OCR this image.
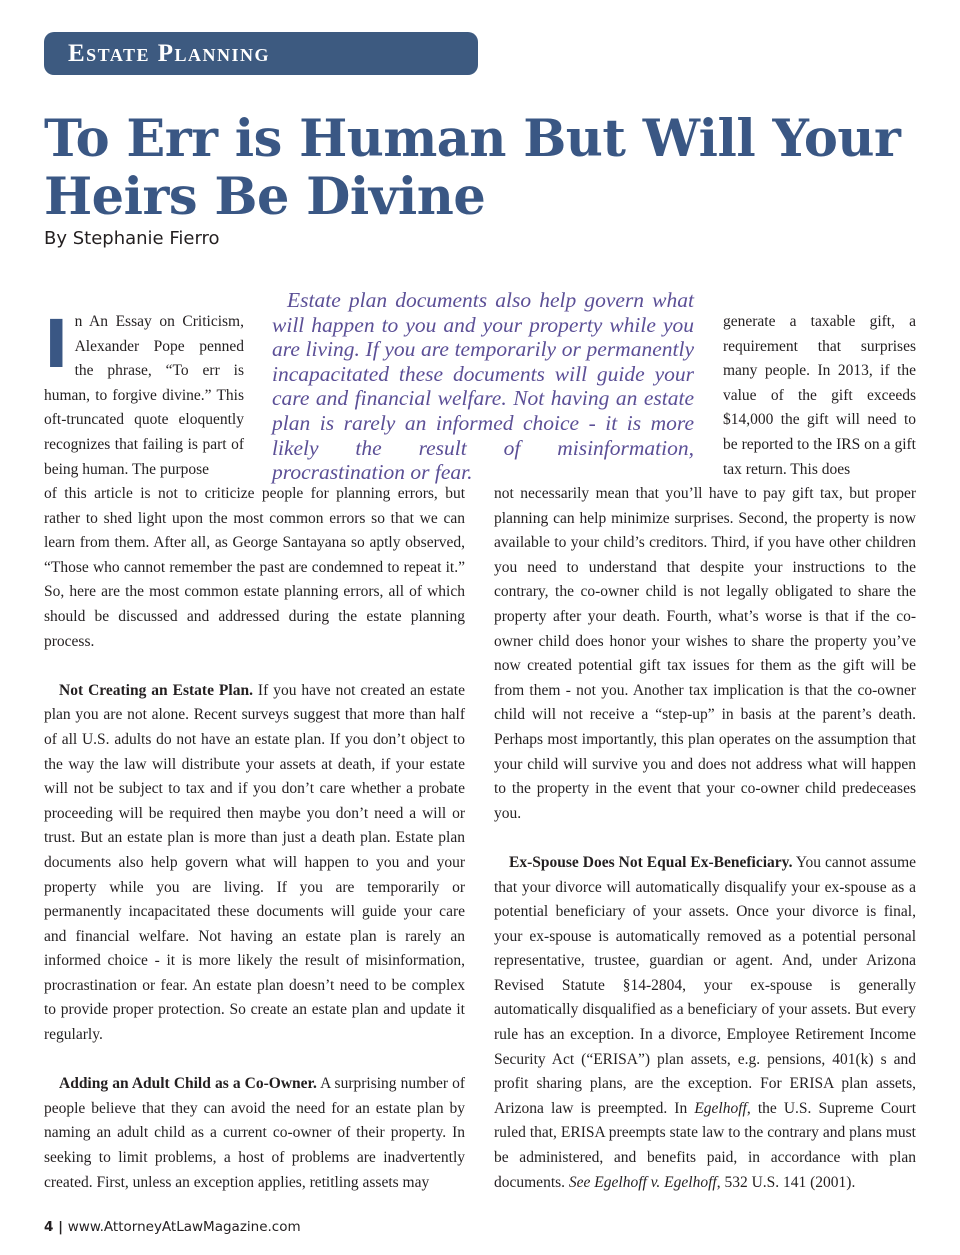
Estate Planning
To Err is Human But Will Your Heirs Be Divine
By Stephanie Fierro
I n An Essay on Criticism, Alexander Pope penned the phrase, “To err is human, to forgive divine.” This oft-truncated quote eloquently recognizes that failing is part of being human. The purpose
Estate plan documents also help govern what will happen to you and your property while you are living. If you are temporarily or permanently incapacitated these documents will guide your care and financial welfare. Not having an estate plan is rarely an informed choice - it is more likely the result of misinformation, procrastination or fear.

generate a taxable gift, a requirement that surprises many people. In 2013, if the value of the gift exceeds $14,000 the gift will need to be reported to the IRS on a gift tax return. This does

of this article is not to criticize people for planning errors, but rather to shed light upon the most common errors so that we can learn from them. After all, as George Santayana so aptly observed, “Those who cannot remember the past are condemned to repeat it.” So, here are the most common estate planning errors, all of which should be discussed and addressed during the estate planning process.

Not Creating an Estate Plan. If you have not created an estate plan you are not alone. Recent surveys suggest that more than half of all U.S. adults do not have an estate plan. If you don’t object to the way the law will distribute your assets at death, if your estate will not be subject to tax and if you don’t care whether a probate proceeding will be required then maybe you don’t need a will or trust. But an estate plan is more than just a death plan. Estate plan documents also help govern what will happen to you and your property while you are living. If you are temporarily or permanently incapacitated these documents will guide your care and financial welfare. Not having an estate plan is rarely an informed choice - it is more likely the result of misinformation, procrastination or fear. An estate plan doesn’t need to be complex to provide proper protection. So create an estate plan and update it regularly.

Adding an Adult Child as a Co-Owner. A surprising number of people believe that they can avoid the need for an estate plan by naming an adult child as a current co-owner of their property. In seeking to limit problems, a host of problems are inadvertently created. First, unless an exception applies, retitling assets may

not necessarily mean that you’ll have to pay gift tax, but proper planning can help minimize surprises. Second, the property is now available to your child’s creditors. Third, if you have other children you need to understand that despite your instructions to the contrary, the co-owner child is not legally obligated to share the property after your death. Fourth, what’s worse is that if the co-owner child does honor your wishes to share the property you’ve now created potential gift tax issues for them as the gift will be from them - not you. Another tax implication is that the co-owner child will not receive a “step-up” in basis at the parent’s death. Perhaps most importantly, this plan operates on the assumption that your child will survive you and does not address what will happen to the property in the event that your co-owner child predeceases you.

Ex-Spouse Does Not Equal Ex-Beneficiary. You cannot assume that your divorce will automatically disqualify your ex-spouse as a potential beneficiary of your assets. Once your divorce is final, your ex-spouse is automatically removed as a potential personal representative, trustee, guardian or agent. And, under Arizona Revised Statute §14-2804, your ex-spouse is generally automatically disqualified as a beneficiary of your assets. But every rule has an exception. In a divorce, Employee Retirement Income Security Act (“ERISA”) plan assets, e.g. pensions, 401(k) s and profit sharing plans, are the exception. For ERISA plan assets, Arizona law is preempted. In Egelhoff, the U.S. Supreme Court ruled that, ERISA preempts state law to the contrary and plans must be administered, and benefits paid, in accordance with plan documents. See Egelhoff v. Egelhoff, 532 U.S. 141 (2001).

4 | www.AttorneyAtLawMagazine.com
